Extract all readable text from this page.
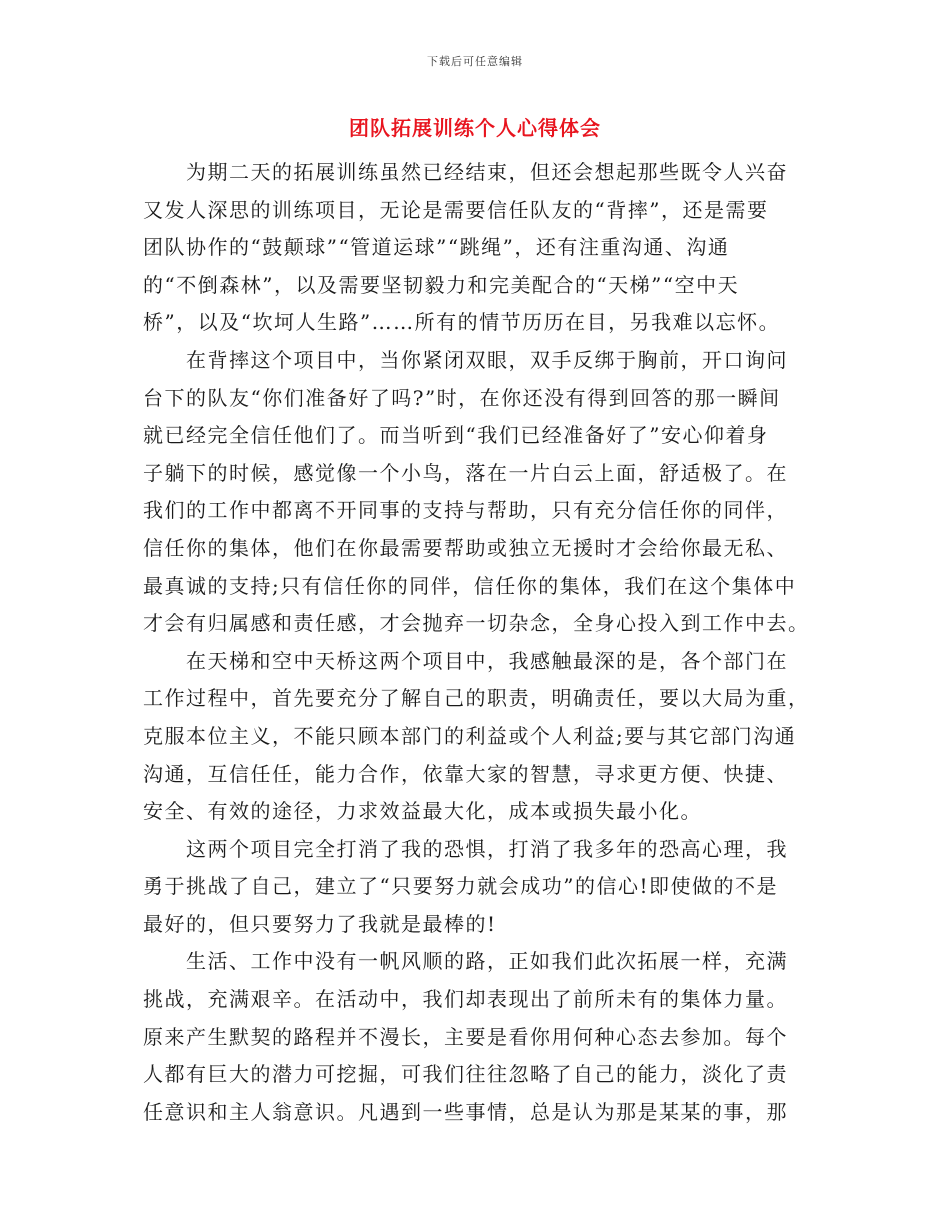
下载后可任意编辑
团队拓展训练个人心得体会
为期二天的拓展训练虽然已经结束，但还会想起那些既令人兴奋
又发人深思的训练项目，无论是需要信任队友的“背摔”，还是需要
团队协作的“鼓颠球”“管道运球”“跳绳”，还有注重沟通、沟通
的“不倒森林”，以及需要坚韧毅力和完美配合的“天梯”“空中天
桥”，以及“坎坷人生路”……所有的情节历历在目，另我难以忘怀。
在背摔这个项目中，当你紧闭双眼，双手反绑于胸前，开口询问
台下的队友“你们准备好了吗?”时，在你还没有得到回答的那一瞬间
就已经完全信任他们了。而当听到“我们已经准备好了”安心仰着身
子躺下的时候，感觉像一个小鸟，落在一片白云上面，舒适极了。在
我们的工作中都离不开同事的支持与帮助，只有充分信任你的同伴，
信任你的集体，他们在你最需要帮助或独立无援时才会给你最无私、
最真诚的支持;只有信任你的同伴，信任你的集体，我们在这个集体中
才会有归属感和责任感，才会抛弃一切杂念，全身心投入到工作中去。
在天梯和空中天桥这两个项目中，我感触最深的是，各个部门在
工作过程中，首先要充分了解自己的职责，明确责任，要以大局为重，
克服本位主义，不能只顾本部门的利益或个人利益;要与其它部门沟通
沟通，互信任任，能力合作，依靠大家的智慧，寻求更方便、快捷、
安全、有效的途径，力求效益最大化，成本或损失最小化。
这两个项目完全打消了我的恐惧，打消了我多年的恐高心理，我
勇于挑战了自己，建立了“只要努力就会成功”的信心!即使做的不是
最好的，但只要努力了我就是最棒的!
生活、工作中没有一帆风顺的路，正如我们此次拓展一样，充满
挑战，充满艰辛。在活动中，我们却表现出了前所未有的集体力量。
原来产生默契的路程并不漫长，主要是看你用何种心态去参加。每个
人都有巨大的潜力可挖掘，可我们往往忽略了自己的能力，淡化了责
任意识和主人翁意识。凡遇到一些事情，总是认为那是某某的事，那
